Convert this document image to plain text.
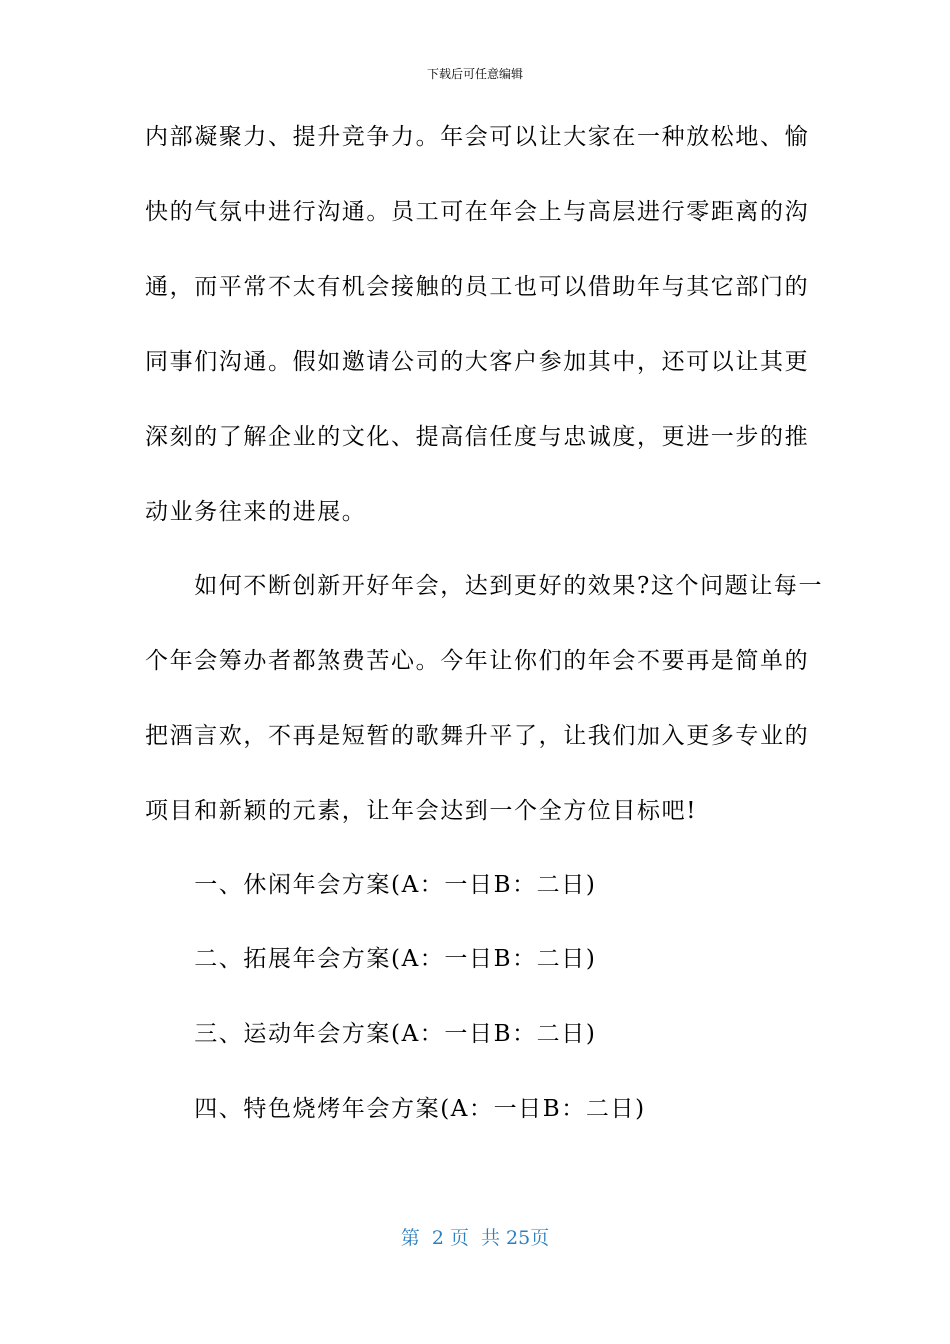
下载后可任意编辑
内部凝聚力、提升竞争力。年会可以让大家在一种放松地、愉
快的气氛中进行沟通。员工可在年会上与高层进行零距离的沟
通，而平常不太有机会接触的员工也可以借助年与其它部门的
同事们沟通。假如邀请公司的大客户参加其中，还可以让其更
深刻的了解企业的文化、提高信任度与忠诚度，更进一步的推
动业务往来的进展。
　　如何不断创新开好年会，达到更好的效果?这个问题让每一
个年会筹办者都煞费苦心。今年让你们的年会不要再是简单的
把酒言欢，不再是短暂的歌舞升平了，让我们加入更多专业的
项目和新颖的元素，让年会达到一个全方位目标吧!
　　一、休闲年会方案(A：一日B：二日)
　　二、拓展年会方案(A：一日B：二日)
　　三、运动年会方案(A：一日B：二日)
　　四、特色烧烤年会方案(A：一日B：二日)
第  2 页  共 25页
